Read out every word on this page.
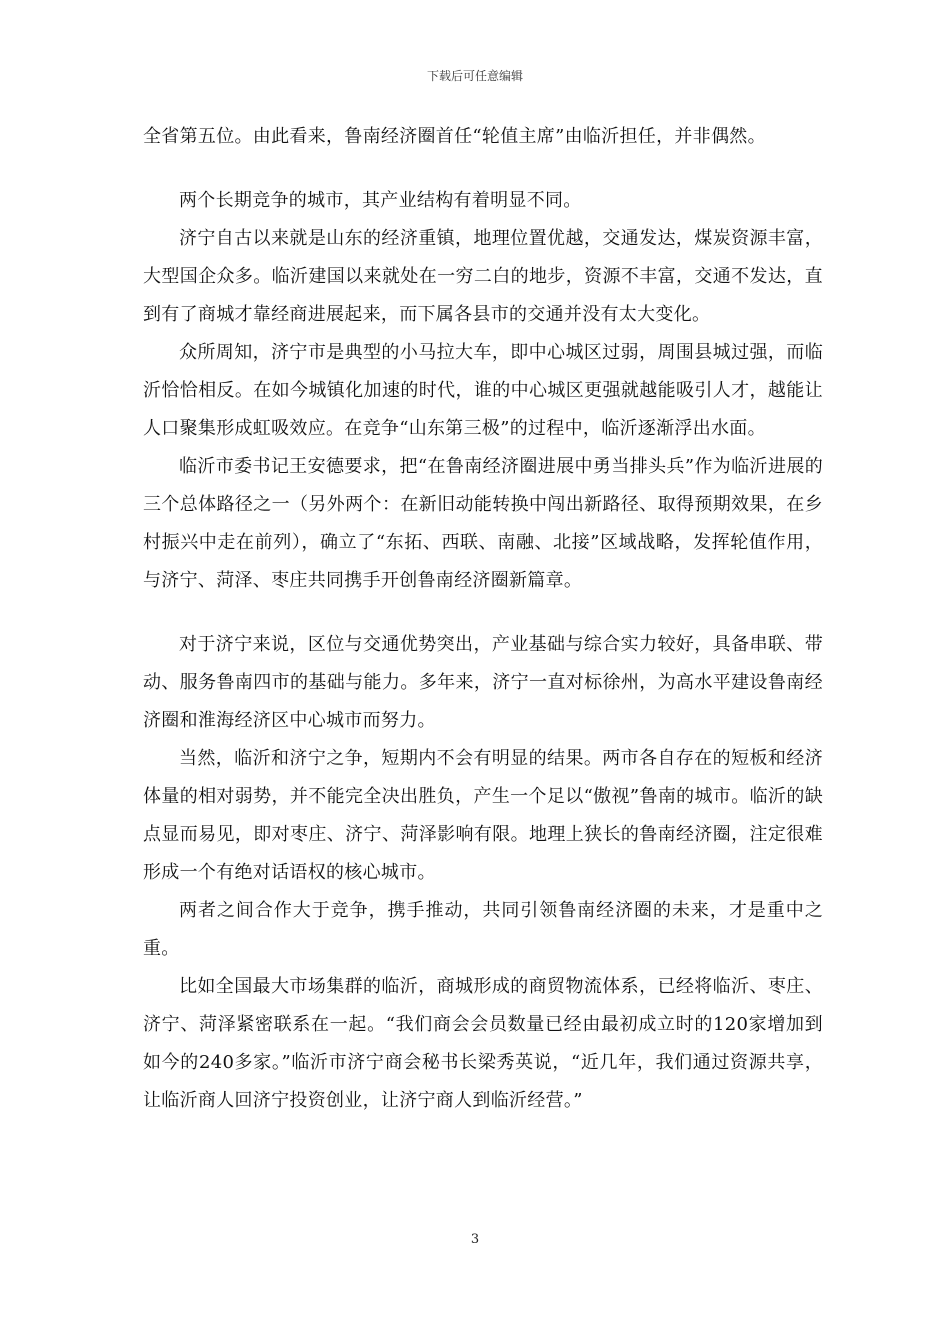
下载后可任意编辑

全省第五位。由此看来，鲁南经济圈首任“轮值主席”由临沂担任，并非偶然。

两个长期竞争的城市，其产业结构有着明显不同。

济宁自古以来就是山东的经济重镇，地理位置优越，交通发达，煤炭资源丰富，大型国企众多。临沂建国以来就处在一穷二白的地步，资源不丰富，交通不发达，直到有了商城才靠经商进展起来，而下属各县市的交通并没有太大变化。

众所周知，济宁市是典型的小马拉大车，即中心城区过弱，周围县城过强，而临沂恰恰相反。在如今城镇化加速的时代，谁的中心城区更强就越能吸引人才，越能让人口聚集形成虹吸效应。在竞争“山东第三极”的过程中，临沂逐渐浮出水面。

临沂市委书记王安德要求，把“在鲁南经济圈进展中勇当排头兵”作为临沂进展的三个总体路径之一（另外两个：在新旧动能转换中闯出新路径、取得预期效果，在乡村振兴中走在前列），确立了“东拓、西联、南融、北接”区域战略，发挥轮值作用，与济宁、菏泽、枣庄共同携手开创鲁南经济圈新篇章。

对于济宁来说，区位与交通优势突出，产业基础与综合实力较好，具备串联、带动、服务鲁南四市的基础与能力。多年来，济宁一直对标徐州，为高水平建设鲁南经济圈和淮海经济区中心城市而努力。

当然，临沂和济宁之争，短期内不会有明显的结果。两市各自存在的短板和经济体量的相对弱势，并不能完全决出胜负，产生一个足以“傲视”鲁南的城市。临沂的缺点显而易见，即对枣庄、济宁、菏泽影响有限。地理上狭长的鲁南经济圈，注定很难形成一个有绝对话语权的核心城市。

两者之间合作大于竞争，携手推动，共同引领鲁南经济圈的未来，才是重中之重。

比如全国最大市场集群的临沂，商城形成的商贸物流体系，已经将临沂、枣庄、济宁、菏泽紧密联系在一起。“我们商会会员数量已经由最初成立时的120家增加到如今的240多家。”临沂市济宁商会秘书长梁秀英说，“近几年，我们通过资源共享，让临沂商人回济宁投资创业，让济宁商人到临沂经营。”

3
